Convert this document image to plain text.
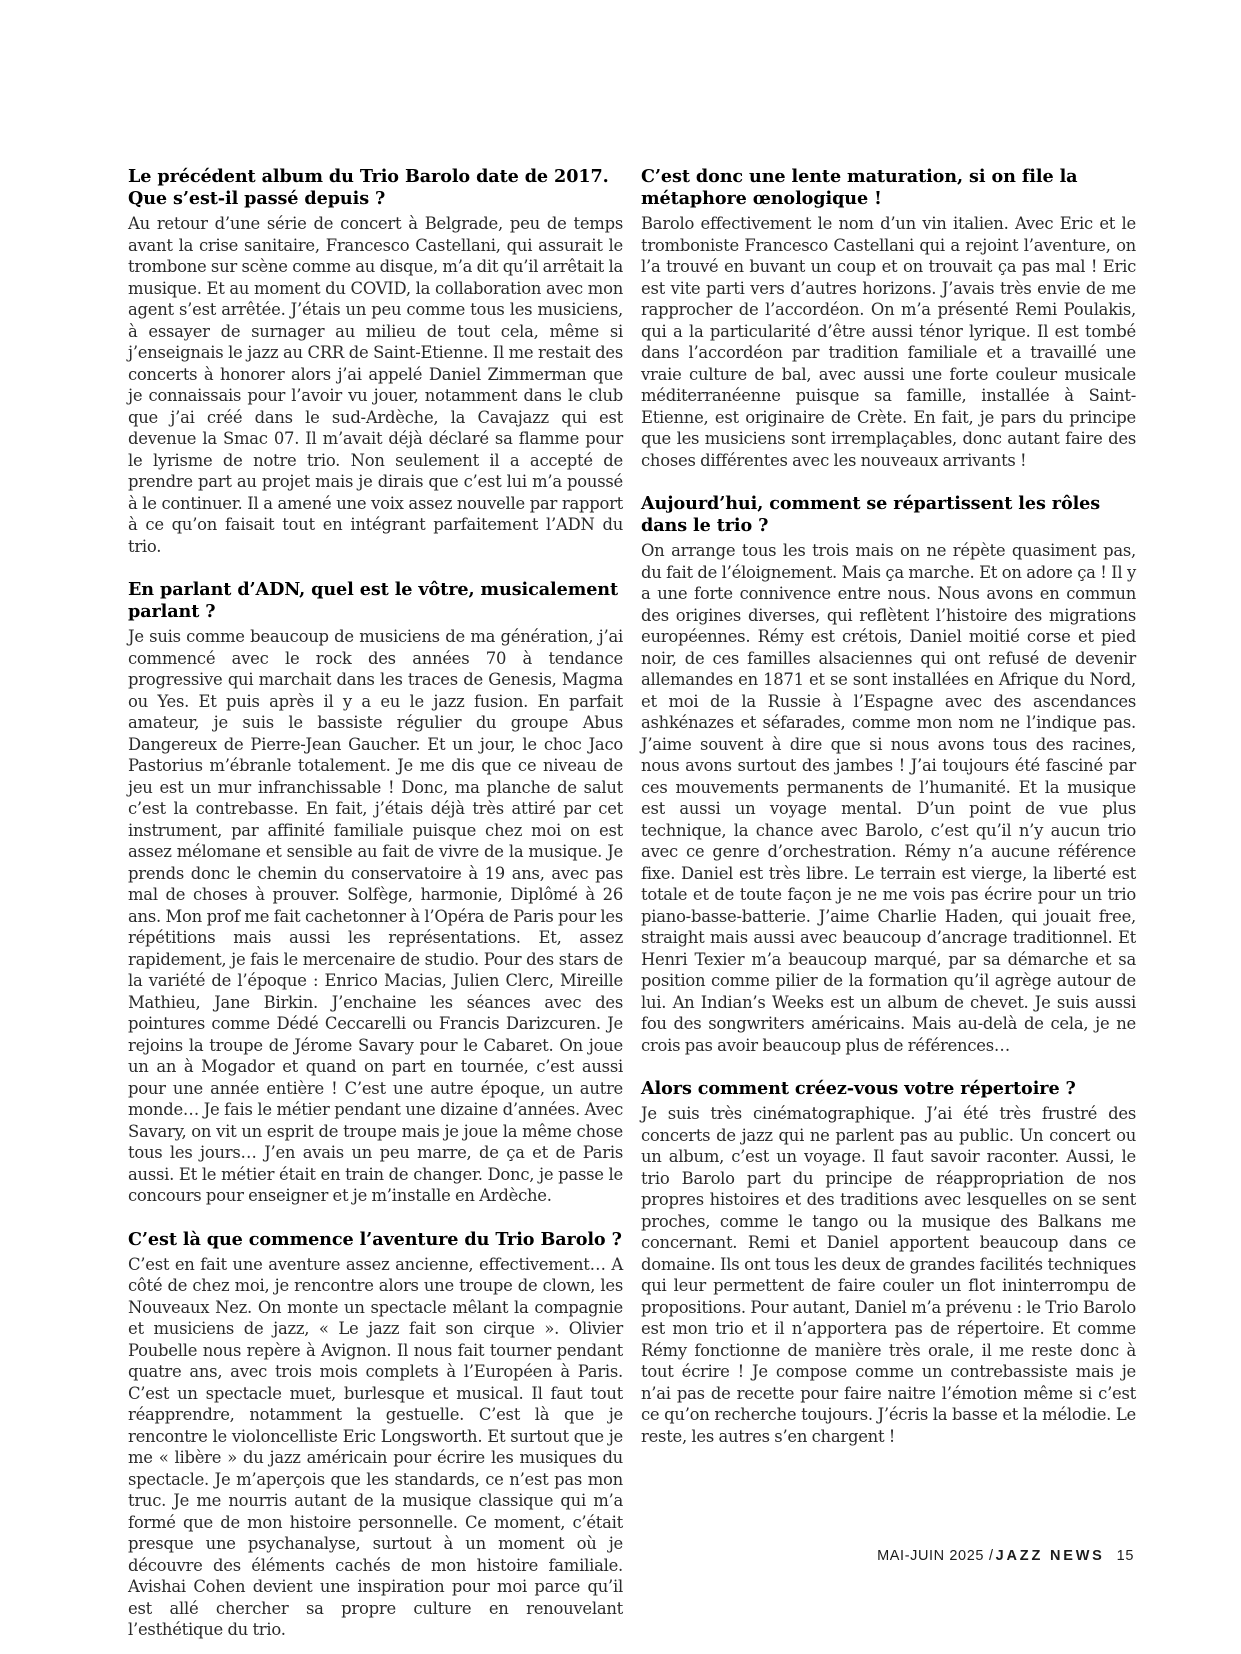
Le précédent album du Trio Barolo date de 2017. Que s’est-il passé depuis ?

Au retour d’une série de concert à Belgrade, peu de temps avant la crise sanitaire, Francesco Castellani, qui assurait le trombone sur scène comme au disque, m’a dit qu’il arrêtait la musique. Et au moment du COVID, la collaboration avec mon agent s’est arrêtée. J’étais un peu comme tous les musiciens, à essayer de surnager au milieu de tout cela, même si j’enseignais le jazz au CRR de Saint-Etienne. Il me restait des concerts à honorer alors j’ai appelé Daniel Zimmerman que je connaissais pour l’avoir vu jouer, notamment dans le club que j’ai créé dans le sud-Ardèche, la Cavajazz qui est devenue la Smac 07. Il m’avait déjà déclaré sa flamme pour le lyrisme de notre trio. Non seulement il a accepté de prendre part au projet mais je dirais que c’est lui m’a poussé à le continuer. Il a amené une voix assez nouvelle par rapport à ce qu’on faisait tout en intégrant parfaitement l’ADN du trio.

En parlant d’ADN, quel est le vôtre, musicalement parlant ?

Je suis comme beaucoup de musiciens de ma génération, j’ai commencé avec le rock des années 70 à tendance progressive qui marchait dans les traces de Genesis, Magma ou Yes. Et puis après il y a eu le jazz fusion. En parfait amateur, je suis le bassiste régulier du groupe Abus Dangereux de Pierre-Jean Gaucher. Et un jour, le choc Jaco Pastorius m’ébranle totalement. Je me dis que ce niveau de jeu est un mur infranchissable ! Donc, ma planche de salut c’est la contrebasse. En fait, j’étais déjà très attiré par cet instrument, par affinité familiale puisque chez moi on est assez mélomane et sensible au fait de vivre de la musique. Je prends donc le chemin du conservatoire à 19 ans, avec pas mal de choses à prouver. Solfège, harmonie, Diplômé à 26 ans. Mon prof me fait cachetonner à l’Opéra de Paris pour les répétitions mais aussi les représentations. Et, assez rapidement, je fais le mercenaire de studio. Pour des stars de la variété de l’époque : Enrico Macias, Julien Clerc, Mireille Mathieu, Jane Birkin. J’enchaine les séances avec des pointures comme Dédé Ceccarelli ou Francis Darizcuren. Je rejoins la troupe de Jérome Savary pour le Cabaret. On joue un an à Mogador et quand on part en tournée, c’est aussi pour une année entière ! C’est une autre époque, un autre monde… Je fais le métier pendant une dizaine d’années. Avec Savary, on vit un esprit de troupe mais je joue la même chose tous les jours… J’en avais un peu marre, de ça et de Paris aussi. Et le métier était en train de changer. Donc, je passe le concours pour enseigner et je m’installe en Ardèche.

C’est là que commence l’aventure du Trio Barolo ?

C’est en fait une aventure assez ancienne, effectivement… A côté de chez moi, je rencontre alors une troupe de clown, les Nouveaux Nez. On monte un spectacle mêlant la compagnie et musiciens de jazz, « Le jazz fait son cirque ». Olivier Poubelle nous repère à Avignon. Il nous fait tourner pendant quatre ans, avec trois mois complets à l’Européen à Paris. C’est un spectacle muet, burlesque et musical. Il faut tout réapprendre, notamment la gestuelle. C’est là que je rencontre le violoncelliste Eric Longsworth. Et surtout que je me « libère » du jazz américain pour écrire les musiques du spectacle. Je m’aperçois que les standards, ce n’est pas mon truc. Je me nourris autant de la musique classique qui m’a formé que de mon histoire personnelle. Ce moment, c’était presque une psychanalyse, surtout à un moment où je découvre des éléments cachés de mon histoire familiale. Avishai Cohen devient une inspiration pour moi parce qu’il est allé chercher sa propre culture en renouvelant l’esthétique du trio.

C’est donc une lente maturation, si on file la métaphore œnologique !

Barolo effectivement le nom d’un vin italien. Avec Eric et le tromboniste Francesco Castellani qui a rejoint l’aventure, on l’a trouvé en buvant un coup et on trouvait ça pas mal ! Eric est vite parti vers d’autres horizons. J’avais très envie de me rapprocher de l’accordéon. On m’a présenté Remi Poulakis, qui a la particularité d’être aussi ténor lyrique. Il est tombé dans l’accordéon par tradition familiale et a travaillé une vraie culture de bal, avec aussi une forte couleur musicale méditerranéenne puisque sa famille, installée à Saint-Etienne, est originaire de Crète. En fait, je pars du principe que les musiciens sont irremplaçables, donc autant faire des choses différentes avec les nouveaux arrivants !

Aujourd’hui, comment se répartissent les rôles dans le trio ?

On arrange tous les trois mais on ne répète quasiment pas, du fait de l’éloignement. Mais ça marche. Et on adore ça ! Il y a une forte connivence entre nous. Nous avons en commun des origines diverses, qui reflètent l’histoire des migrations européennes. Rémy est crétois, Daniel moitié corse et pied noir, de ces familles alsaciennes qui ont refusé de devenir allemandes en 1871 et se sont installées en Afrique du Nord, et moi de la Russie à l’Espagne avec des ascendances ashkénazes et séfarades, comme mon nom ne l’indique pas. J’aime souvent à dire que si nous avons tous des racines, nous avons surtout des jambes ! J’ai toujours été fasciné par ces mouvements permanents de l’humanité. Et la musique est aussi un voyage mental. D’un point de vue plus technique, la chance avec Barolo, c’est qu’il n’y aucun trio avec ce genre d’orchestration. Rémy n’a aucune référence fixe. Daniel est très libre. Le terrain est vierge, la liberté est totale et de toute façon je ne me vois pas écrire pour un trio piano-basse-batterie. J’aime Charlie Haden, qui jouait free, straight mais aussi avec beaucoup d’ancrage traditionnel. Et Henri Texier m’a beaucoup marqué, par sa démarche et sa position comme pilier de la formation qu’il agrège autour de lui. An Indian’s Weeks est un album de chevet. Je suis aussi fou des songwriters américains. Mais au-delà de cela, je ne crois pas avoir beaucoup plus de références…

Alors comment créez-vous votre répertoire ?

Je suis très cinématographique. J’ai été très frustré des concerts de jazz qui ne parlent pas au public. Un concert ou un album, c’est un voyage. Il faut savoir raconter. Aussi, le trio Barolo part du principe de réappropriation de nos propres histoires et des traditions avec lesquelles on se sent proches, comme le tango ou la musique des Balkans me concernant. Remi et Daniel apportent beaucoup dans ce domaine. Ils ont tous les deux de grandes facilités techniques qui leur permettent de faire couler un flot ininterrompu de propositions. Pour autant, Daniel m’a prévenu : le Trio Barolo est mon trio et il n’apportera pas de répertoire. Et comme Rémy fonctionne de manière très orale, il me reste donc à tout écrire ! Je compose comme un contrebassiste mais je n’ai pas de recette pour faire naitre l’émotion même si c’est ce qu’on recherche toujours. J’écris la basse et la mélodie. Le reste, les autres s’en chargent !

MAI-JUIN 2025 / JAZZ NEWS 15
